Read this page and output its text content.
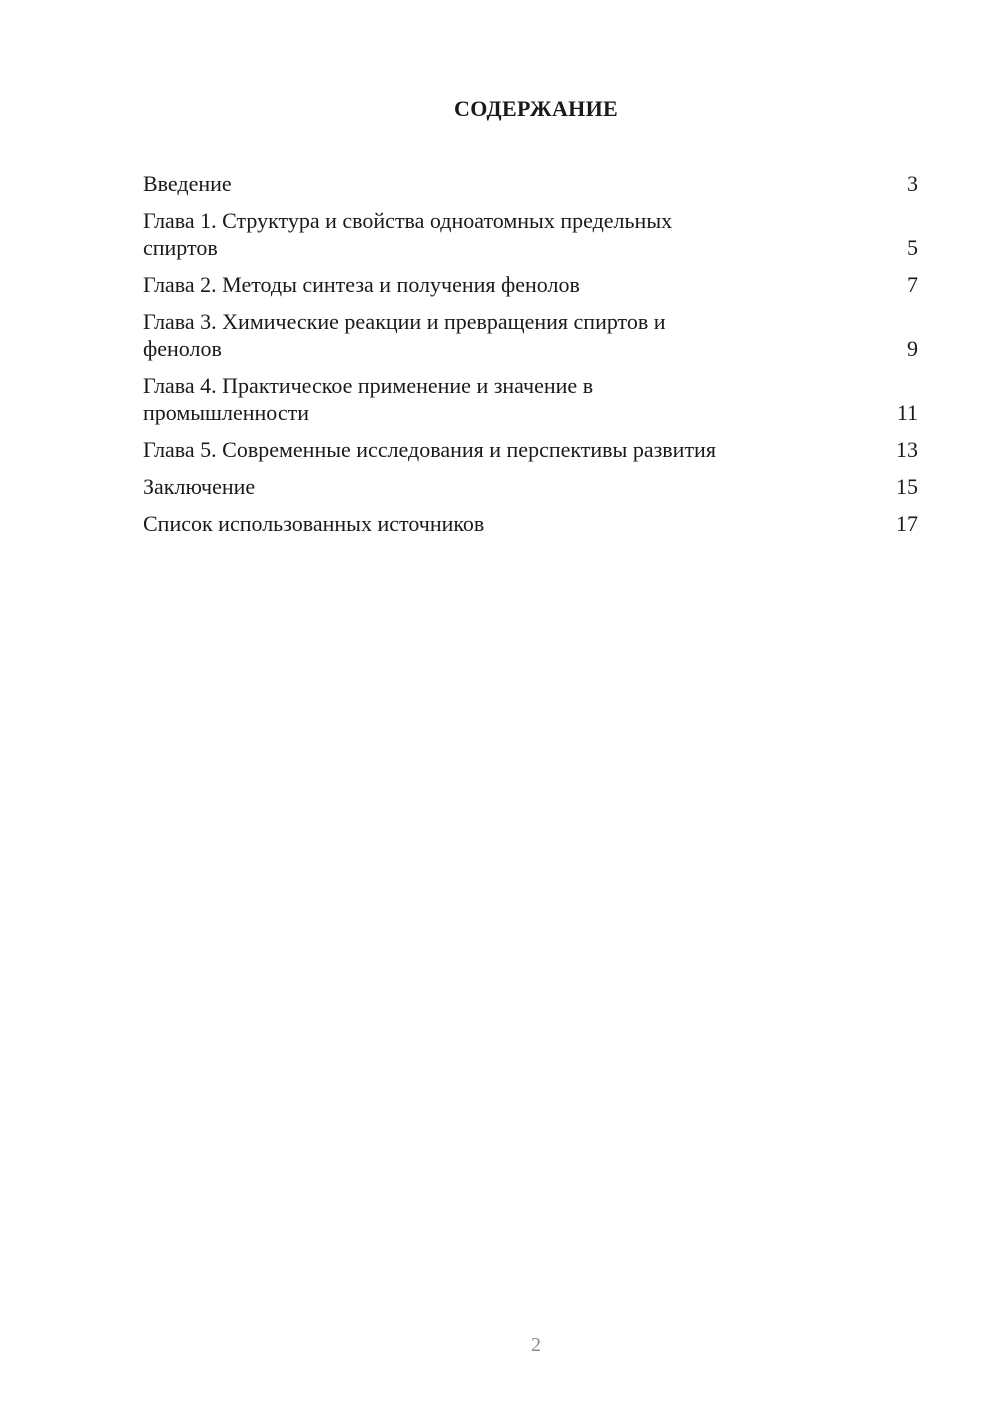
СОДЕРЖАНИЕ
Введение	3
Глава 1. Структура и свойства одноатомных предельных
спиртов	5
Глава 2. Методы синтеза и получения фенолов	7
Глава 3. Химические реакции и превращения спиртов и
фенолов	9
Глава 4. Практическое применение и значение в
промышленности	11
Глава 5. Современные исследования и перспективы развития	13
Заключение	15
Список использованных источников	17
2
